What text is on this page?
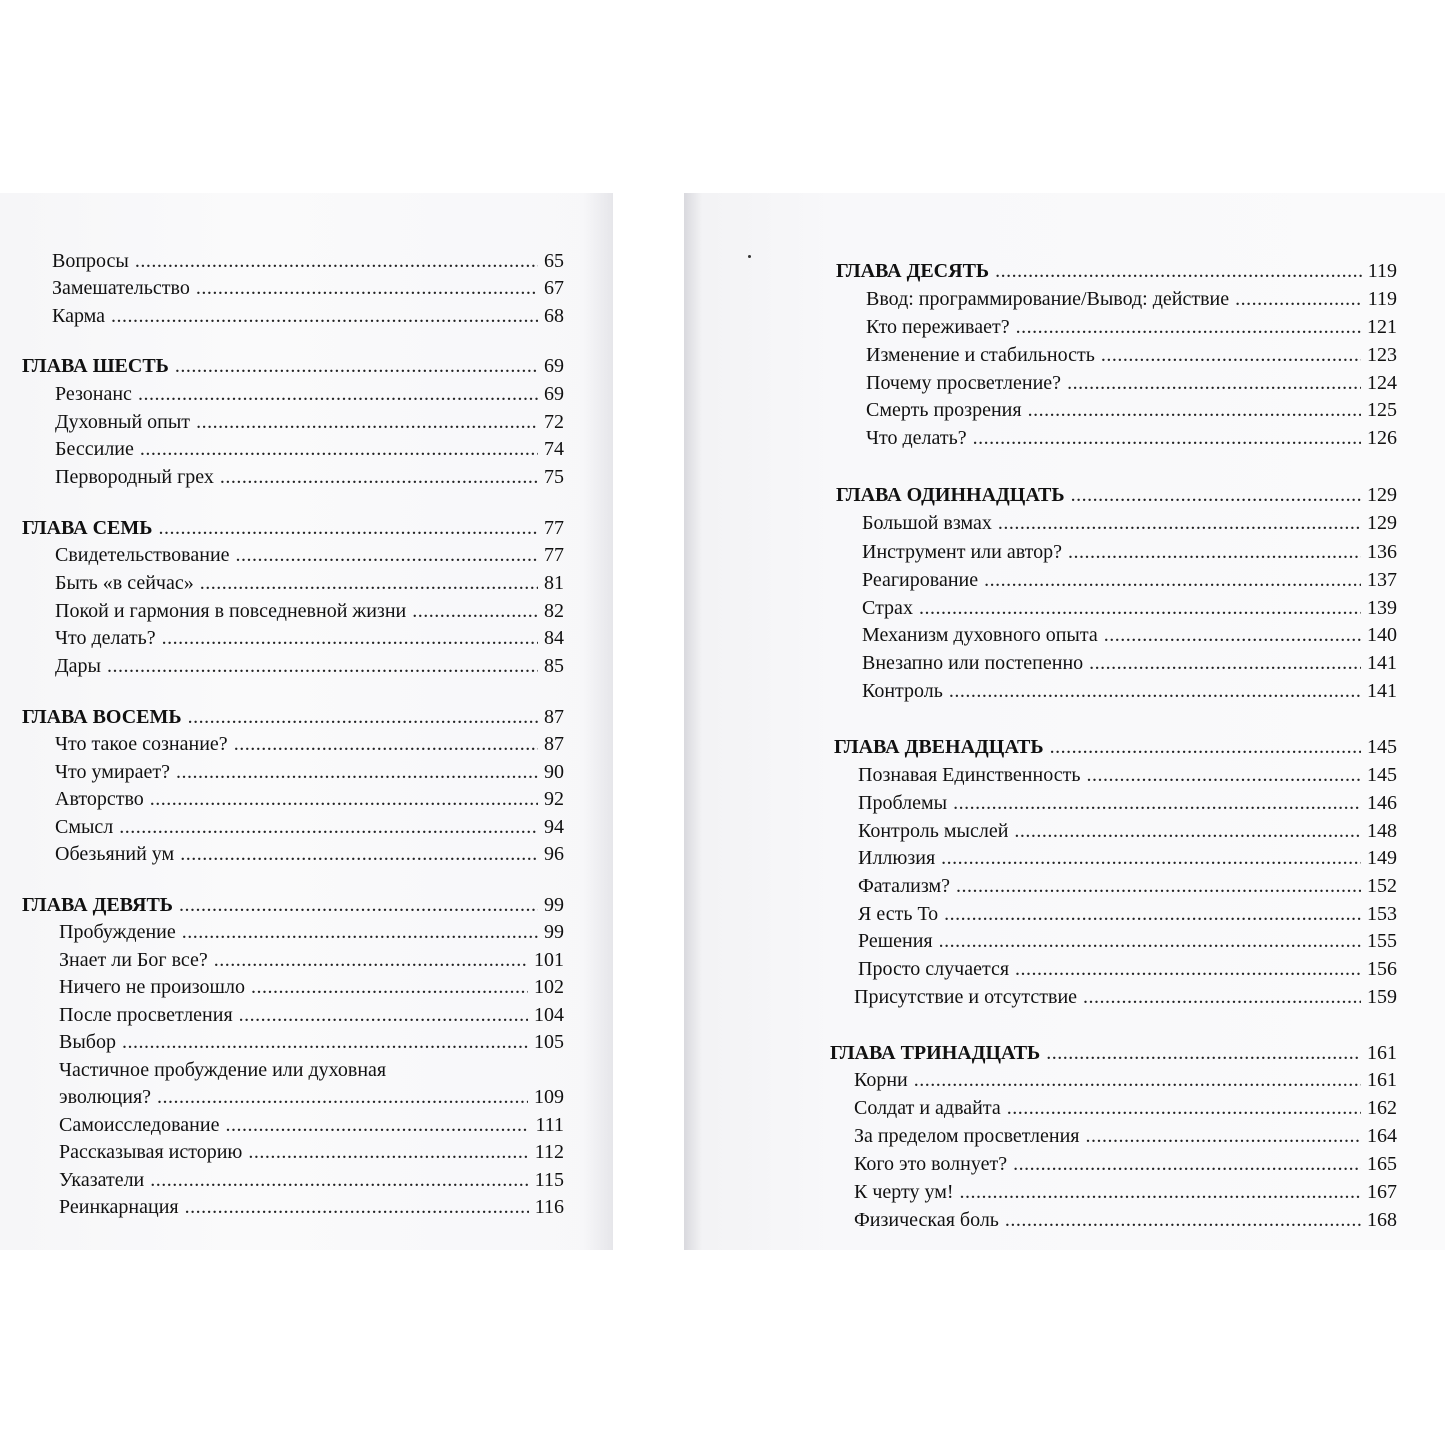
Вопросы .....	65
Замешательство .....	67
Карма .....	68
ГЛАВА ШЕСТЬ .....	69
Резонанс .....	69
Духовный опыт .....	72
Бессилие .....	74
Первородный грех .....	75
ГЛАВА СЕМЬ .....	77
Свидетельствование .....	77
Быть «в сейчас» .....	81
Покой и гармония в повседневной жизни .....	82
Что делать? .....	84
Дары .....	85
ГЛАВА ВОСЕМЬ .....	87
Что такое сознание? .....	87
Что умирает? .....	90
Авторство .....	92
Смысл .....	94
Обезьяний ум .....	96
ГЛАВА ДЕВЯТЬ .....	99
Пробуждение .....	99
Знает ли Бог все? .....	101
Ничего не произошло .....	102
После просветления .....	104
Выбор .....	105
Частичное пробуждение или духовная
эволюция? .....	109
Самоисследование .....	111
Рассказывая историю .....	112
Указатели .....	115
Реинкарнация .....	116
ГЛАВА ДЕСЯТЬ .....	119
Ввод: программирование/Вывод: действие .....	119
Кто переживает? .....	121
Изменение и стабильность .....	123
Почему просветление? .....	124
Смерть прозрения .....	125
Что делать? .....	126
ГЛАВА ОДИННАДЦАТЬ .....	129
Большой взмах .....	129
Инструмент или автор? .....	136
Реагирование .....	137
Страх .....	139
Механизм духовного опыта .....	140
Внезапно или постепенно .....	141
Контроль .....	141
ГЛАВА ДВЕНАДЦАТЬ .....	145
Познавая Единственность .....	145
Проблемы .....	146
Контроль мыслей .....	148
Иллюзия .....	149
Фатализм? .....	152
Я есть То .....	153
Решения .....	155
Просто случается .....	156
Присутствие и отсутствие .....	159
ГЛАВА ТРИНАДЦАТЬ .....	161
Корни .....	161
Солдат и адвайта .....	162
За пределом просветления .....	164
Кого это волнует? .....	165
К черту ум! .....	167
Физическая боль .....	168
